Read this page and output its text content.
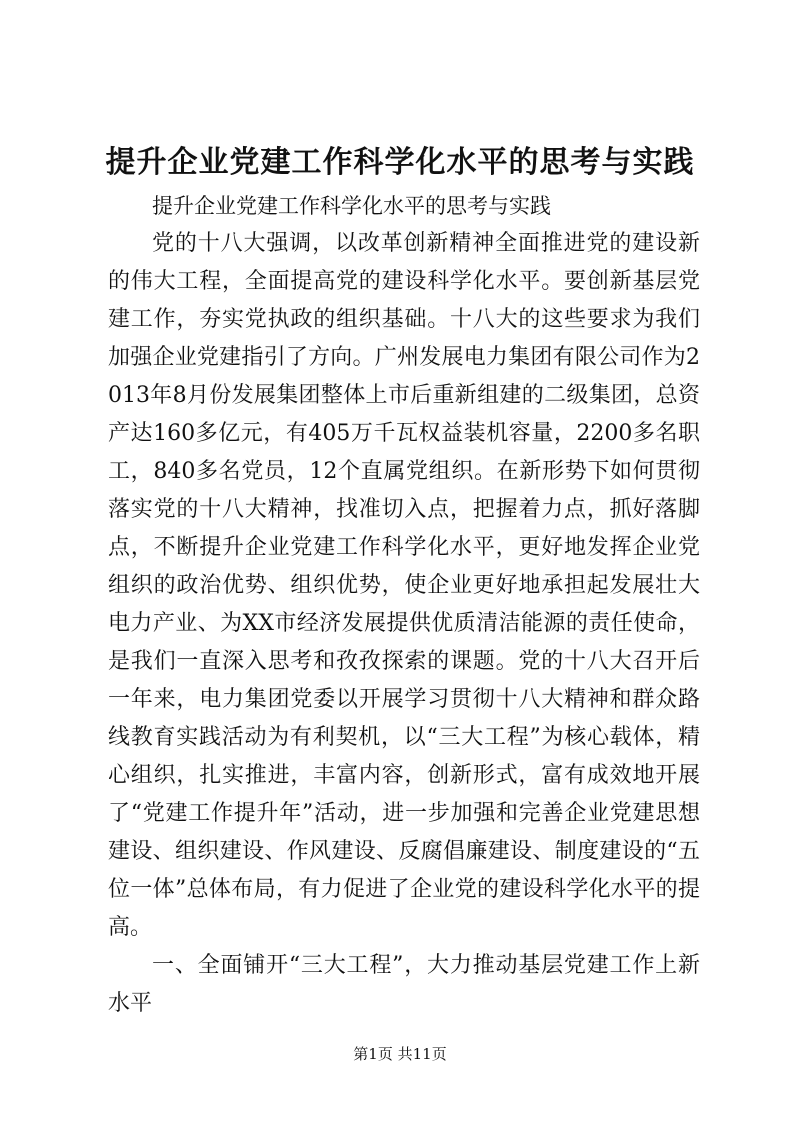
提升企业党建工作科学化水平的思考与实践

提升企业党建工作科学化水平的思考与实践

党的十八大强调，以改革创新精神全面推进党的建设新的伟大工程，全面提高党的建设科学化水平。要创新基层党建工作，夯实党执政的组织基础。十八大的这些要求为我们加强企业党建指引了方向。广州发展电力集团有限公司作为2013年8月份发展集团整体上市后重新组建的二级集团，总资产达160多亿元，有405万千瓦权益装机容量，2200多名职工，840多名党员，12个直属党组织。在新形势下如何贯彻落实党的十八大精神，找准切入点，把握着力点，抓好落脚点，不断提升企业党建工作科学化水平，更好地发挥企业党组织的政治优势、组织优势，使企业更好地承担起发展壮大电力产业、为XX市经济发展提供优质清洁能源的责任使命，是我们一直深入思考和孜孜探索的课题。党的十八大召开后一年来，电力集团党委以开展学习贯彻十八大精神和群众路线教育实践活动为有利契机，以“三大工程”为核心载体，精心组织，扎实推进，丰富内容，创新形式，富有成效地开展了“党建工作提升年”活动，进一步加强和完善企业党建思想建设、组织建设、作风建设、反腐倡廉建设、制度建设的“五位一体”总体布局，有力促进了企业党的建设科学化水平的提高。

一、全面铺开“三大工程”，大力推动基层党建工作上新水平

第1页 共11页
